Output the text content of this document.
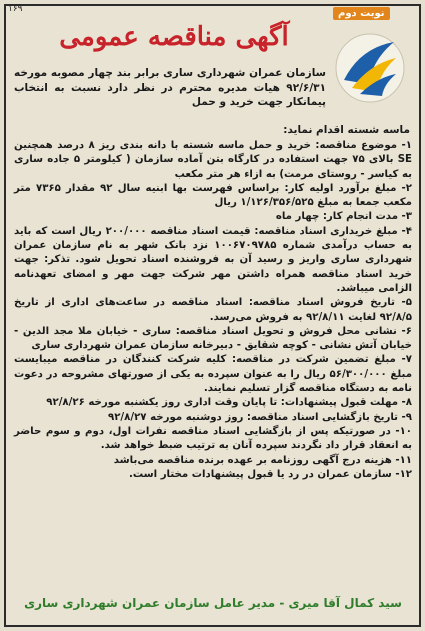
۱۶۹	نوبت دوم
آگهی مناقصه عمومی
سازمان عمران شهرداری ساری برابر بند چهار مصوبه مورخه ۹۲/۶/۳۱ هیات مدیره محترم در نظر دارد نسبت به انتخاب پیمانکار جهت خرید و حمل
ماسه شسته اقدام نماید:

۱- موضوع مناقصه: خرید و حمل ماسه شسته با دانه بندی ریز ۸ درصد همچنین SE بالای ۷۵ جهت استفاده در کارگاه بتن آماده سازمان ( کیلومتر ۵ جاده ساری به کیاسر - روستای مرمت) به ازاء هر متر مکعب

۲- مبلغ برآورد اولیه کار: براساس فهرست بها ابنیه سال ۹۲ مقدار ۷۳۶۵ متر مکعب جمعا به مبلغ ۱/۱۲۶/۳۵۶/۵۲۵ ریال

۳- مدت انجام کار: چهار ماه

۴- مبلغ خریداری اسناد مناقصه: قیمت اسناد مناقصه ۲۰۰/۰۰۰ ریال است که باید به حساب درآمدی شماره ۱۰۰۶۷۰۹۷۸۵ نزد بانک شهر به نام سازمان عمران شهرداری ساری واریز و رسید آن به فروشنده اسناد تحویل شود. تذکر: جهت خرید اسناد مناقصه همراه داشتن مهر شرکت جهت مهر و امضای تعهدنامه الزامی میباشد.

۵- تاریخ فروش اسناد مناقصه: اسناد مناقصه در ساعت‌های اداری از تاریخ ۹۲/۸/۵ لغایت ۹۲/۸/۱۱ به فروش می‌رسد.

۶- نشانی محل فروش و تحویل اسناد مناقصه: ساری - خیابان ملا مجد الدین - خیابان آتش نشانی - کوچه شقایق - دبیرخانه سازمان عمران شهرداری ساری

۷- مبلغ تضمین شرکت در مناقصه: کلیه شرکت کنندگان در مناقصه میبایست مبلغ ۵۶/۳۰۰/۰۰۰ ریال را به عنوان سپرده به یکی از صورتهای مشروحه در دعوت نامه به دستگاه مناقصه گزار تسلیم نمایند.

۸- مهلت قبول پیشنهادات: تا پایان وقت اداری روز یکشنبه مورخه ۹۲/۸/۲۶

۹- تاریخ بازگشایی اسناد مناقصه: روز دوشنبه مورخه ۹۲/۸/۲۷

۱۰- در صورتیکه پس از بازگشایی اسناد مناقصه نفرات اول، دوم و سوم حاضر به انعقاد قرار داد نگردند سپرده آنان به ترتیب ضبط خواهد شد.

۱۱- هزینه درج آگهی روزنامه بر عهده برنده مناقصه می‌باشد

۱۲- سازمان عمران در رد یا قبول پیشنهادات مختار است.

سید کمال آقا میری - مدیر عامل سازمان عمران شهرداری ساری
